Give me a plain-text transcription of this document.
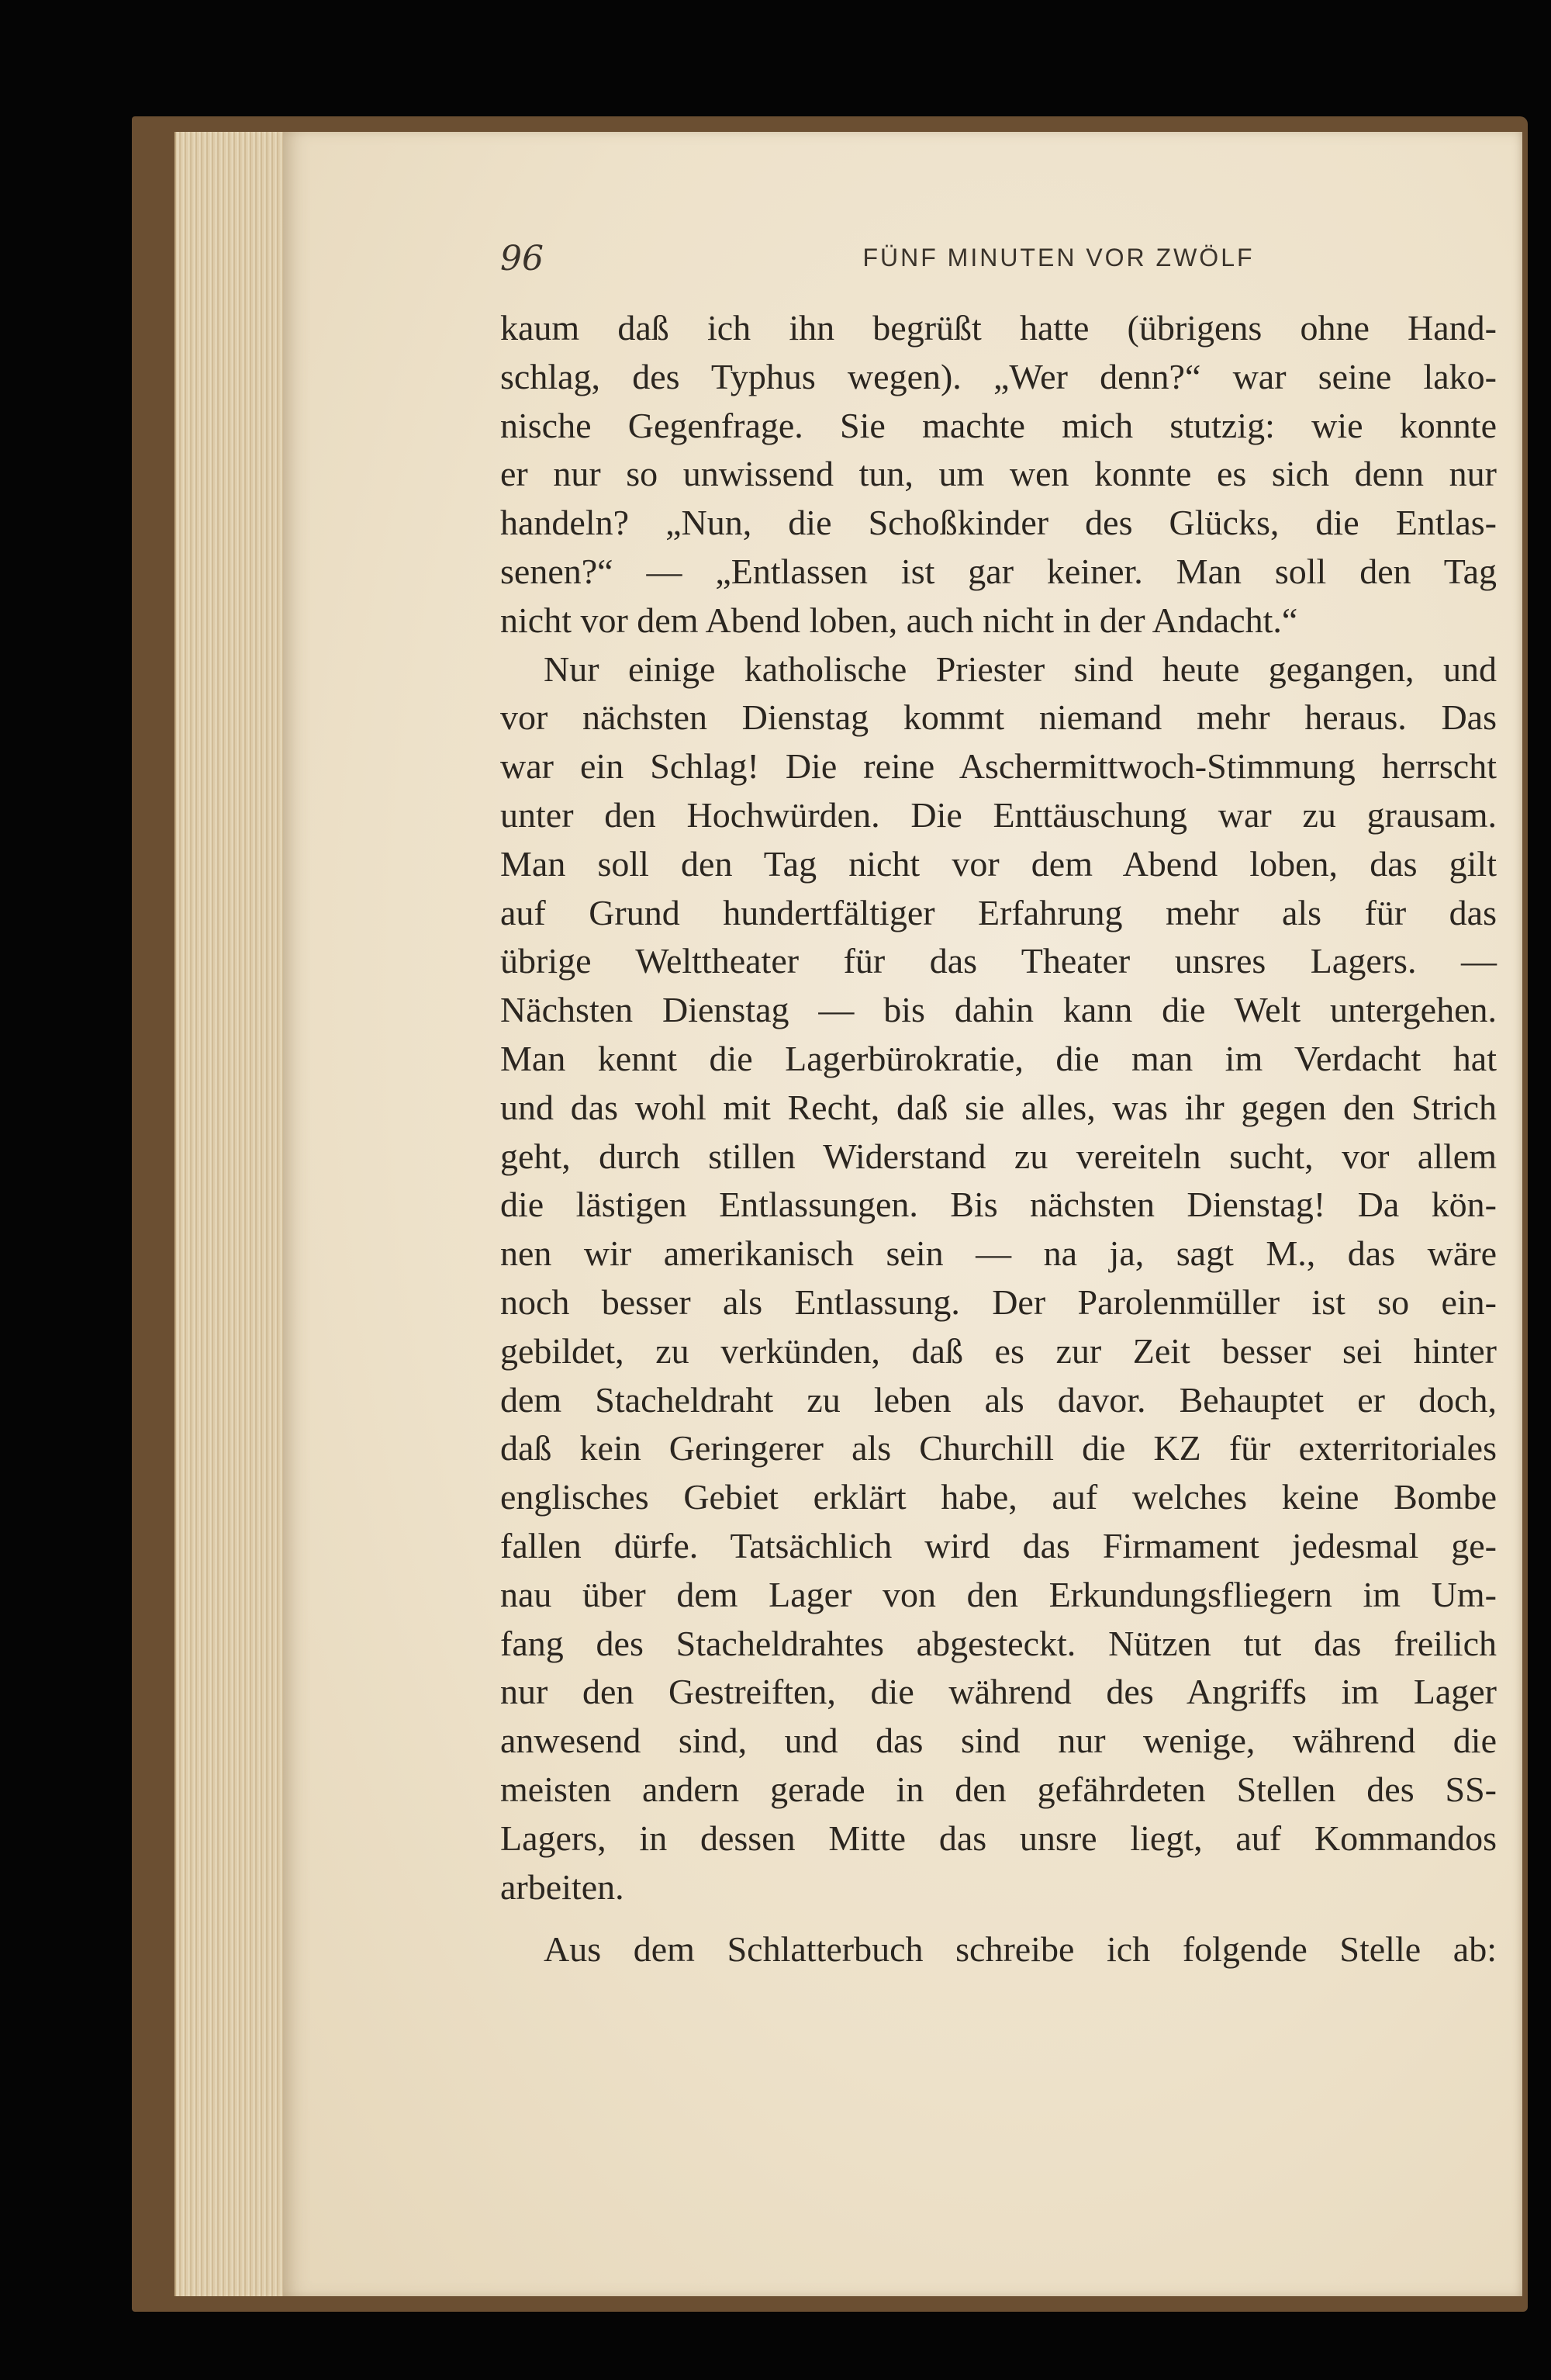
96	FÜNF MINUTEN VOR ZWÖLF
kaum daß ich ihn begrüßt hatte (übrigens ohne Hand-
schlag, des Typhus wegen). „Wer denn?“ war seine lako-
nische Gegenfrage. Sie machte mich stutzig: wie konnte
er nur so unwissend tun, um wen konnte es sich denn nur
handeln? „Nun, die Schoßkinder des Glücks, die Entlas-
senen?“ — „Entlassen ist gar keiner. Man soll den Tag
nicht vor dem Abend loben, auch nicht in der Andacht.“
Nur einige katholische Priester sind heute gegangen, und
vor nächsten Dienstag kommt niemand mehr heraus. Das
war ein Schlag! Die reine Aschermittwoch-Stimmung herrscht
unter den Hochwürden. Die Enttäuschung war zu grausam.
Man soll den Tag nicht vor dem Abend loben, das gilt
auf Grund hundertfältiger Erfahrung mehr als für das
übrige Welttheater für das Theater unsres Lagers. —
Nächsten Dienstag — bis dahin kann die Welt untergehen.
Man kennt die Lagerbürokratie, die man im Verdacht hat
und das wohl mit Recht, daß sie alles, was ihr gegen den Strich
geht, durch stillen Widerstand zu vereiteln sucht, vor allem
die lästigen Entlassungen. Bis nächsten Dienstag! Da kön-
nen wir amerikanisch sein — na ja, sagt M., das wäre
noch besser als Entlassung. Der Parolenmüller ist so ein-
gebildet, zu verkünden, daß es zur Zeit besser sei hinter
dem Stacheldraht zu leben als davor. Behauptet er doch,
daß kein Geringerer als Churchill die KZ für exterritoriales
englisches Gebiet erklärt habe, auf welches keine Bombe
fallen dürfe. Tatsächlich wird das Firmament jedesmal ge-
nau über dem Lager von den Erkundungsfliegern im Um-
fang des Stacheldrahtes abgesteckt. Nützen tut das freilich
nur den Gestreiften, die während des Angriffs im Lager
anwesend sind, und das sind nur wenige, während die
meisten andern gerade in den gefährdeten Stellen des SS-
Lagers, in dessen Mitte das unsre liegt, auf Kommandos
arbeiten.
Aus dem Schlatterbuch schreibe ich folgende Stelle ab:
